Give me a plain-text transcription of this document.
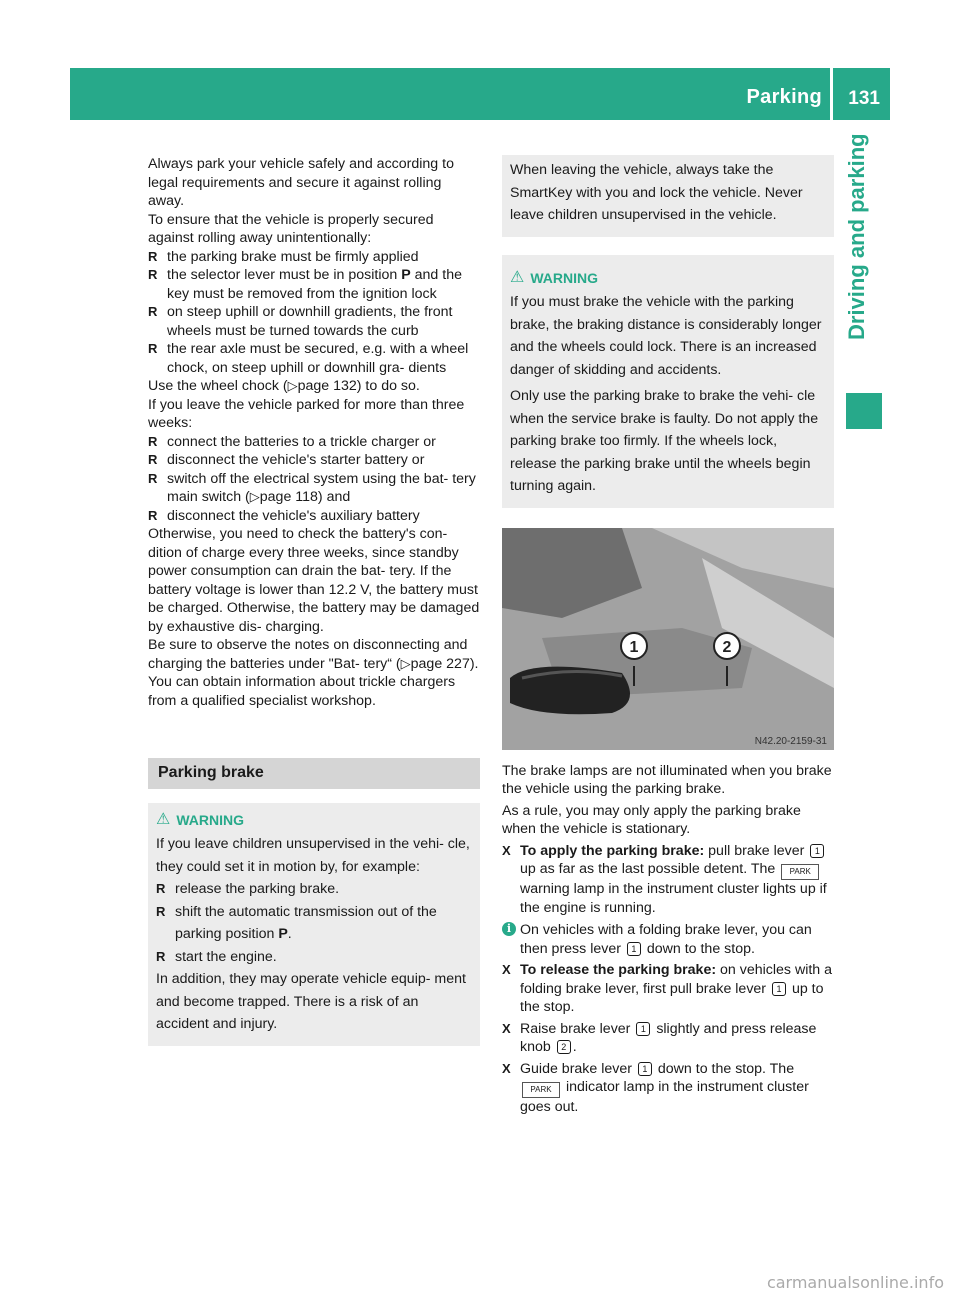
Parking 131
Driving and parking

Always park your vehicle safely and according to legal requirements and secure it against rolling away.

To ensure that the vehicle is properly secured against rolling away unintentionally:

R the parking brake must be firmly applied
R the selector lever must be in position P and the key must be removed from the ignition lock
R on steep uphill or downhill gradients, the front wheels must be turned towards the curb
R the rear axle must be secured, e.g. with a wheel chock, on steep uphill or downhill gra- dients

Use the wheel chock (▷page 132) to do so.

If you leave the vehicle parked for more than three weeks:

R connect the batteries to a trickle charger or
R disconnect the vehicle's starter battery or
R switch off the electrical system using the bat- tery main switch (▷page 118) and
R disconnect the vehicle's auxiliary battery

Otherwise, you need to check the battery's con- dition of charge every three weeks, since standby power consumption can drain the bat- tery. If the battery voltage is lower than 12.2 V, the battery must be charged. Otherwise, the battery may be damaged by exhaustive dis- charging.

Be sure to observe the notes on disconnecting and charging the batteries under "Bat- tery“ (▷page 227). You can obtain information about trickle chargers from a qualified specialist workshop.

Parking brake
⚠ WARNING

If you leave children unsupervised in the vehi- cle, they could set it in motion by, for example:

R release the parking brake.
R shift the automatic transmission out of the parking position P.
R start the engine.

In addition, they may operate vehicle equip- ment and become trapped. There is a risk of an accident and injury.

When leaving the vehicle, always take the SmartKey with you and lock the vehicle. Never leave children unsupervised in the vehicle.

⚠ WARNING

If you must brake the vehicle with the parking brake, the braking distance is considerably longer and the wheels could lock. There is an increased danger of skidding and accidents.

Only use the parking brake to brake the vehi- cle when the service brake is faulty. Do not apply the parking brake too firmly. If the wheels lock, release the parking brake until the wheels begin turning again.

1	2
N42.20-2159-31

The brake lamps are not illuminated when you brake the vehicle using the parking brake.

As a rule, you may only apply the parking brake when the vehicle is stationary.

X To apply the parking brake: pull brake lever 1 up as far as the last possible detent. The PARK warning lamp in the instrument cluster lights up if the engine is running.
i On vehicles with a folding brake lever, you can then press lever 1 down to the stop.
X To release the parking brake: on vehicles with a folding brake lever, first pull brake lever 1 up to the stop.
X Raise brake lever 1 slightly and press release knob 2 .
X Guide brake lever 1 down to the stop. The PARK indicator lamp in the instrument cluster goes out.
carmanualsonline.info
